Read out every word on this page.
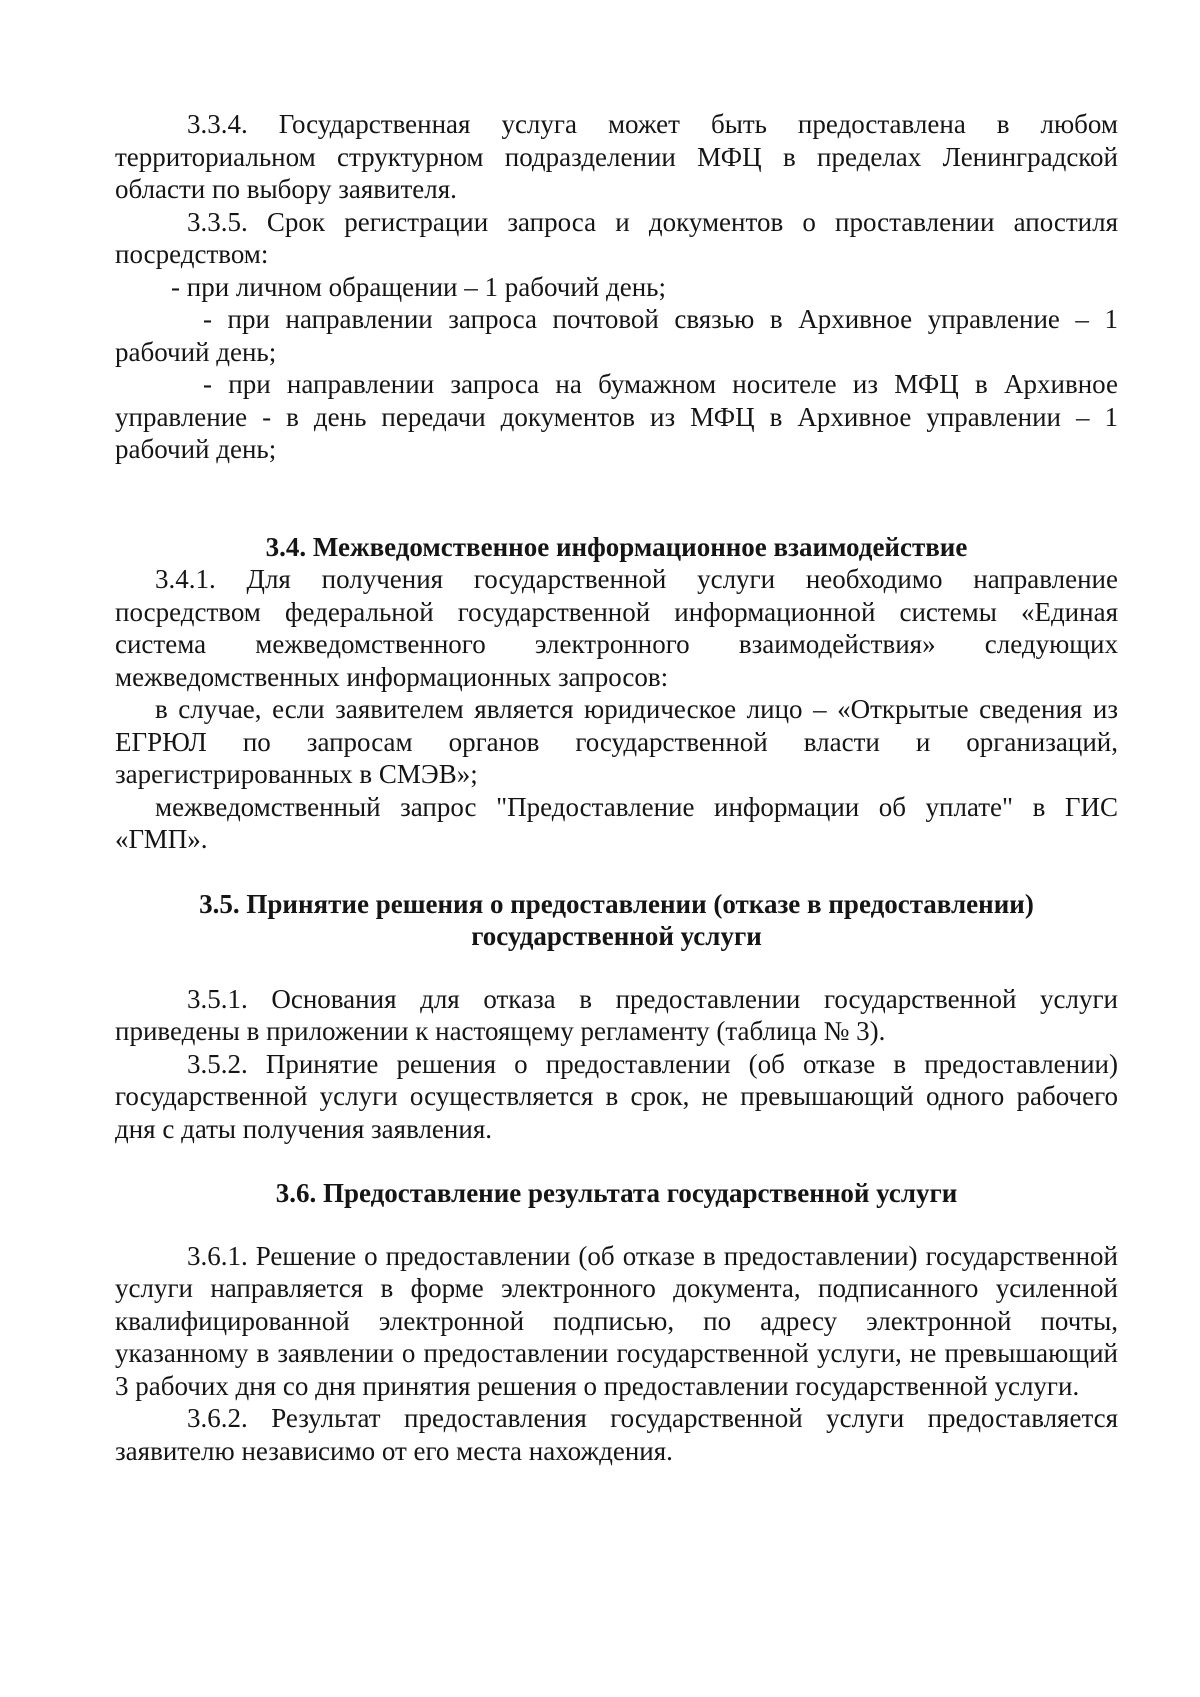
3.3.4. Государственная услуга может быть предоставлена в любом территориальном структурном подразделении МФЦ в пределах Ленинградской области по выбору заявителя.

3.3.5. Срок регистрации запроса и документов о проставлении апостиля посредством:

- при личном обращении – 1 рабочий день;

- при направлении запроса почтовой связью в Архивное управление – 1 рабочий день;

- при направлении запроса на бумажном носителе из МФЦ в Архивное управление - в день передачи документов из МФЦ в Архивное управлении – 1 рабочий день;

3.4. Межведомственное информационное взаимодействие

3.4.1. Для получения государственной услуги необходимо направление посредством федеральной государственной информационной системы «Единая система межведомственного электронного взаимодействия» следующих межведомственных информационных запросов:

в случае, если заявителем является юридическое лицо – «Открытые сведения из ЕГРЮЛ по запросам органов государственной власти и организаций, зарегистрированных в СМЭВ»;

межведомственный запрос "Предоставление информации об уплате" в ГИС «ГМП».

3.5. Принятие решения о предоставлении (отказе в предоставлении)
государственной услуги

3.5.1. Основания для отказа в предоставлении государственной услуги приведены в приложении к настоящему регламенту (таблица № 3).

3.5.2. Принятие решения о предоставлении (об отказе в предоставлении) государственной услуги осуществляется в срок, не превышающий одного рабочего дня с даты получения заявления.

3.6. Предоставление результата государственной услуги

3.6.1. Решение о предоставлении (об отказе в предоставлении) государственной услуги направляется в форме электронного документа, подписанного усиленной квалифицированной электронной подписью, по адресу электронной почты, указанному в заявлении о предоставлении государственной услуги, не превышающий 3 рабочих дня со дня принятия решения о предоставлении государственной услуги.

3.6.2. Результат предоставления государственной услуги предоставляется заявителю независимо от его места нахождения.
